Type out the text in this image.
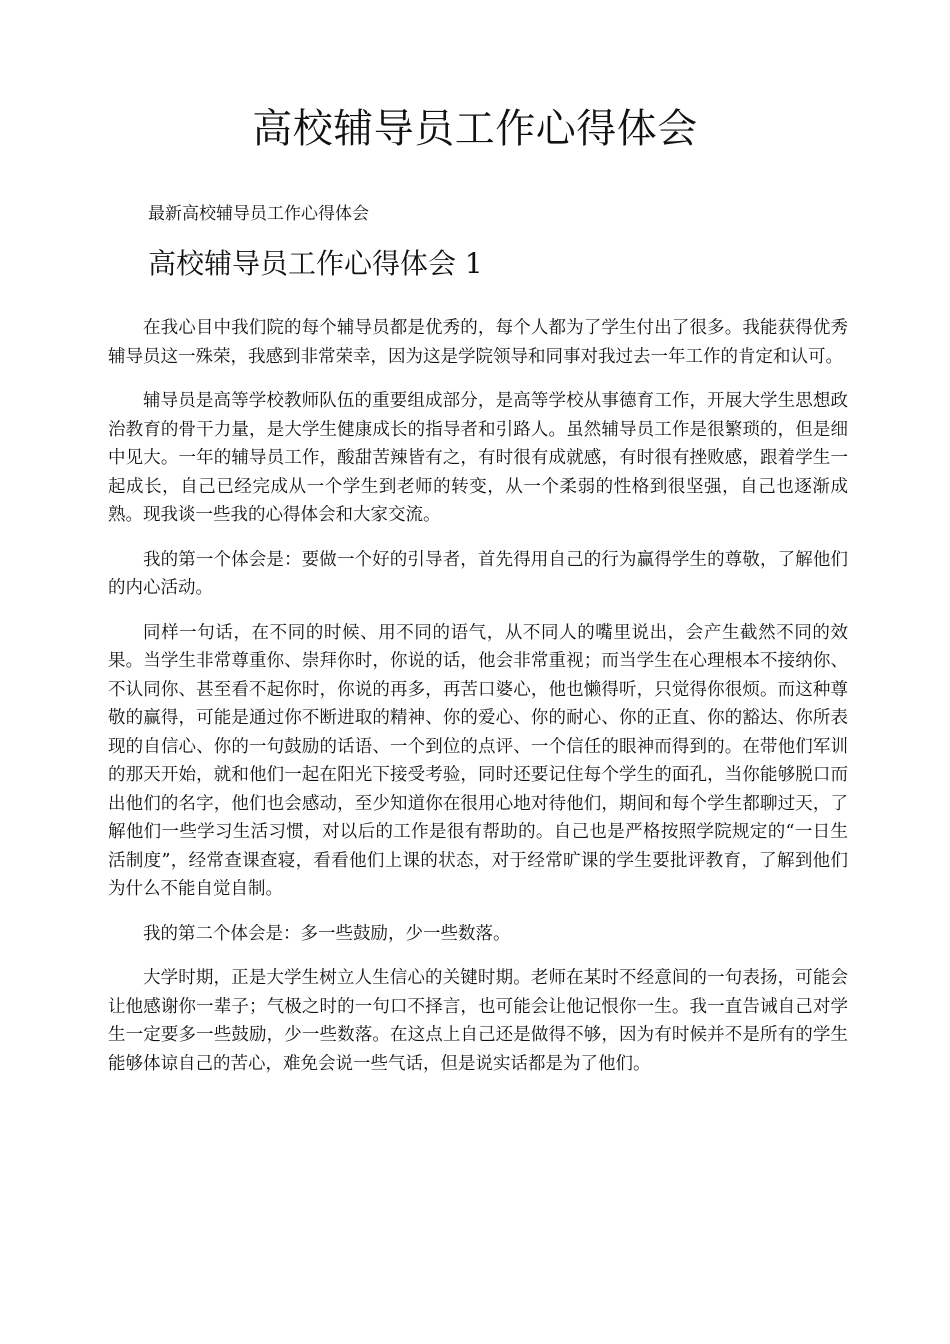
高校辅导员工作心得体会

最新高校辅导员工作心得体会

高校辅导员工作心得体会 1

在我心目中我们院的每个辅导员都是优秀的，每个人都为了学生付出了很多。我能获得优秀辅导员这一殊荣，我感到非常荣幸，因为这是学院领导和同事对我过去一年工作的肯定和认可。

辅导员是高等学校教师队伍的重要组成部分，是高等学校从事德育工作，开展大学生思想政治教育的骨干力量，是大学生健康成长的指导者和引路人。虽然辅导员工作是很繁琐的，但是细中见大。一年的辅导员工作，酸甜苦辣皆有之，有时很有成就感，有时很有挫败感，跟着学生一起成长，自己已经完成从一个学生到老师的转变，从一个柔弱的性格到很坚强，自己也逐渐成熟。现我谈一些我的心得体会和大家交流。

我的第一个体会是：要做一个好的引导者，首先得用自己的行为赢得学生的尊敬，了解他们的内心活动。

同样一句话，在不同的时候、用不同的语气，从不同人的嘴里说出，会产生截然不同的效果。当学生非常尊重你、崇拜你时，你说的话，他会非常重视；而当学生在心理根本不接纳你、不认同你、甚至看不起你时，你说的再多，再苦口婆心，他也懒得听，只觉得你很烦。而这种尊敬的赢得，可能是通过你不断进取的精神、你的爱心、你的耐心、你的正直、你的豁达、你所表现的自信心、你的一句鼓励的话语、一个到位的点评、一个信任的眼神而得到的。在带他们军训的那天开始，就和他们一起在阳光下接受考验，同时还要记住每个学生的面孔，当你能够脱口而出他们的名字，他们也会感动，至少知道你在很用心地对待他们，期间和每个学生都聊过天，了解他们一些学习生活习惯，对以后的工作是很有帮助的。自己也是严格按照学院规定的“一日生活制度”，经常查课查寝，看看他们上课的状态，对于经常旷课的学生要批评教育，了解到他们为什么不能自觉自制。

我的第二个体会是：多一些鼓励，少一些数落。

大学时期，正是大学生树立人生信心的关键时期。老师在某时不经意间的一句表扬，可能会让他感谢你一辈子；气极之时的一句口不择言，也可能会让他记恨你一生。我一直告诫自己对学生一定要多一些鼓励，少一些数落。在这点上自己还是做得不够，因为有时候并不是所有的学生能够体谅自己的苦心，难免会说一些气话，但是说实话都是为了他们。
